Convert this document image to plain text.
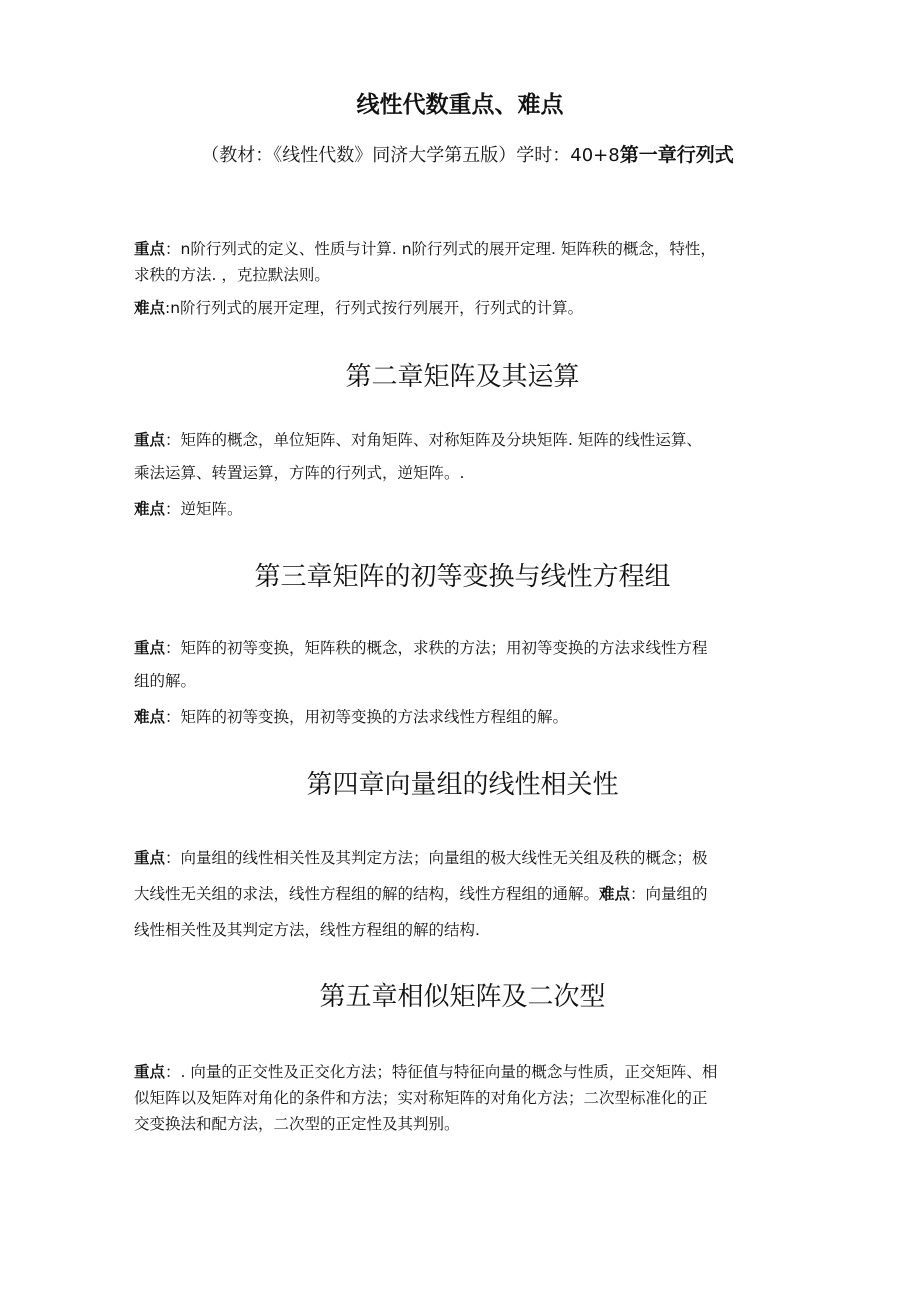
线性代数重点、难点
（教材：《线性代数》同济大学第五版）学时：40+8第一章行列式
重点：n阶行列式的定义、性质与计算. n阶行列式的展开定理. 矩阵秩的概念，特性，
求秩的方法. ，克拉默法则。
难点:n阶行列式的展开定理，行列式按行列展开，行列式的计算。
第二章矩阵及其运算
重点：矩阵的概念，单位矩阵、对角矩阵、对称矩阵及分块矩阵. 矩阵的线性运算、
乘法运算、转置运算，方阵的行列式，逆矩阵。.
难点：逆矩阵。
第三章矩阵的初等变换与线性方程组
重点：矩阵的初等变换，矩阵秩的概念，求秩的方法；用初等变换的方法求线性方程
组的解。
难点：矩阵的初等变换，用初等变换的方法求线性方程组的解。
第四章向量组的线性相关性
重点：向量组的线性相关性及其判定方法；向量组的极大线性无关组及秩的概念；极
大线性无关组的求法，线性方程组的解的结构，线性方程组的通解。难点：向量组的
线性相关性及其判定方法，线性方程组的解的结构.
第五章相似矩阵及二次型
重点：. 向量的正交性及正交化方法；特征值与特征向量的概念与性质，正交矩阵、相
似矩阵以及矩阵对角化的条件和方法；实对称矩阵的对角化方法；二次型标准化的正
交变换法和配方法，二次型的正定性及其判别。
